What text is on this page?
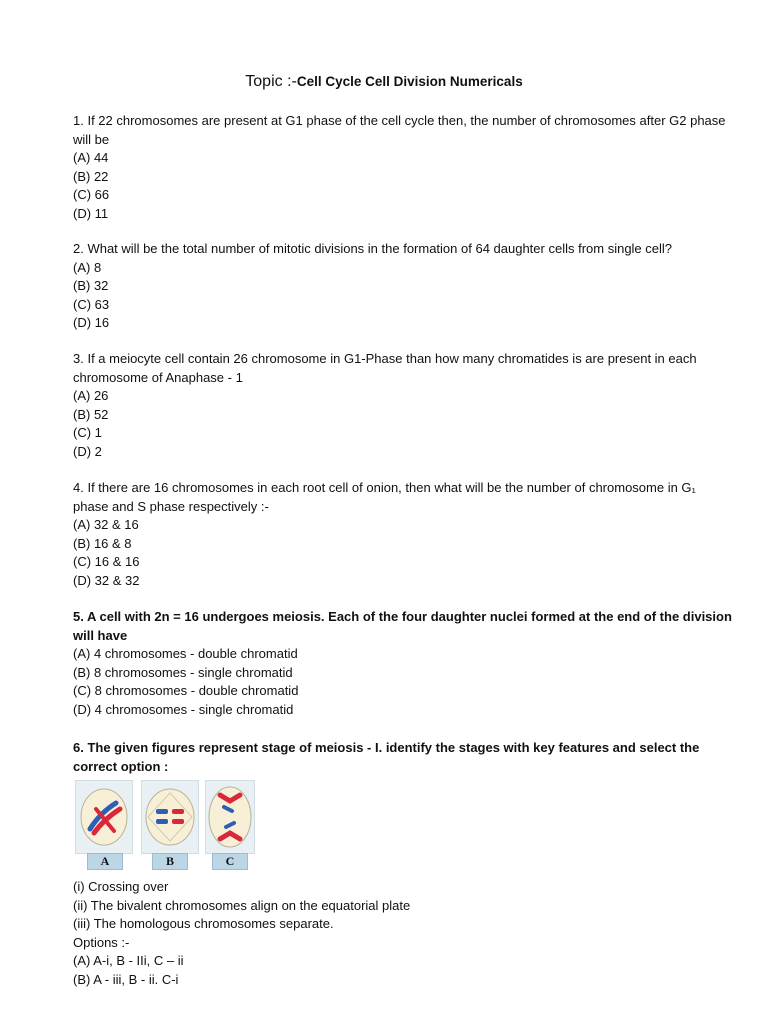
Topic :-Cell Cycle Cell Division Numericals

1. If 22 chromosomes are present at G1 phase of the cell cycle then, the number of chromosomes after G2 phase will be

(A) 44

(B) 22

(C) 66

(D) 11

2. What will be the total number of mitotic divisions in the formation of 64 daughter cells from single cell?

(A) 8

(B) 32

(C) 63

(D) 16

3. If a meiocyte cell contain 26 chromosome in G1-Phase than how many chromatides is are present in each chromosome of Anaphase - 1

(A) 26

(B) 52

(C) 1

(D) 2

4. If there are 16 chromosomes in each root cell of onion, then what will be the number of chromosome in G₁ phase and S phase respectively :-

(A) 32 & 16

(B) 16 & 8

(C) 16 & 16

(D) 32 & 32

5. A cell with 2n = 16 undergoes meiosis. Each of the four daughter nuclei formed at the end of the division will have

(A) 4 chromosomes - double chromatid

(B) 8 chromosomes - single chromatid

(C) 8 chromosomes - double chromatid

(D) 4 chromosomes - single chromatid

6. The given figures represent stage of meiosis - I. identify the stages with key features and select the correct option :

A	B	C

(i) Crossing over

(ii) The bivalent chromosomes align on the equatorial plate

(iii) The homologous chromosomes separate.

Options :-

(A) A-i, B - IIi, C – ii

(B) A - iii, B - ii. C-i
